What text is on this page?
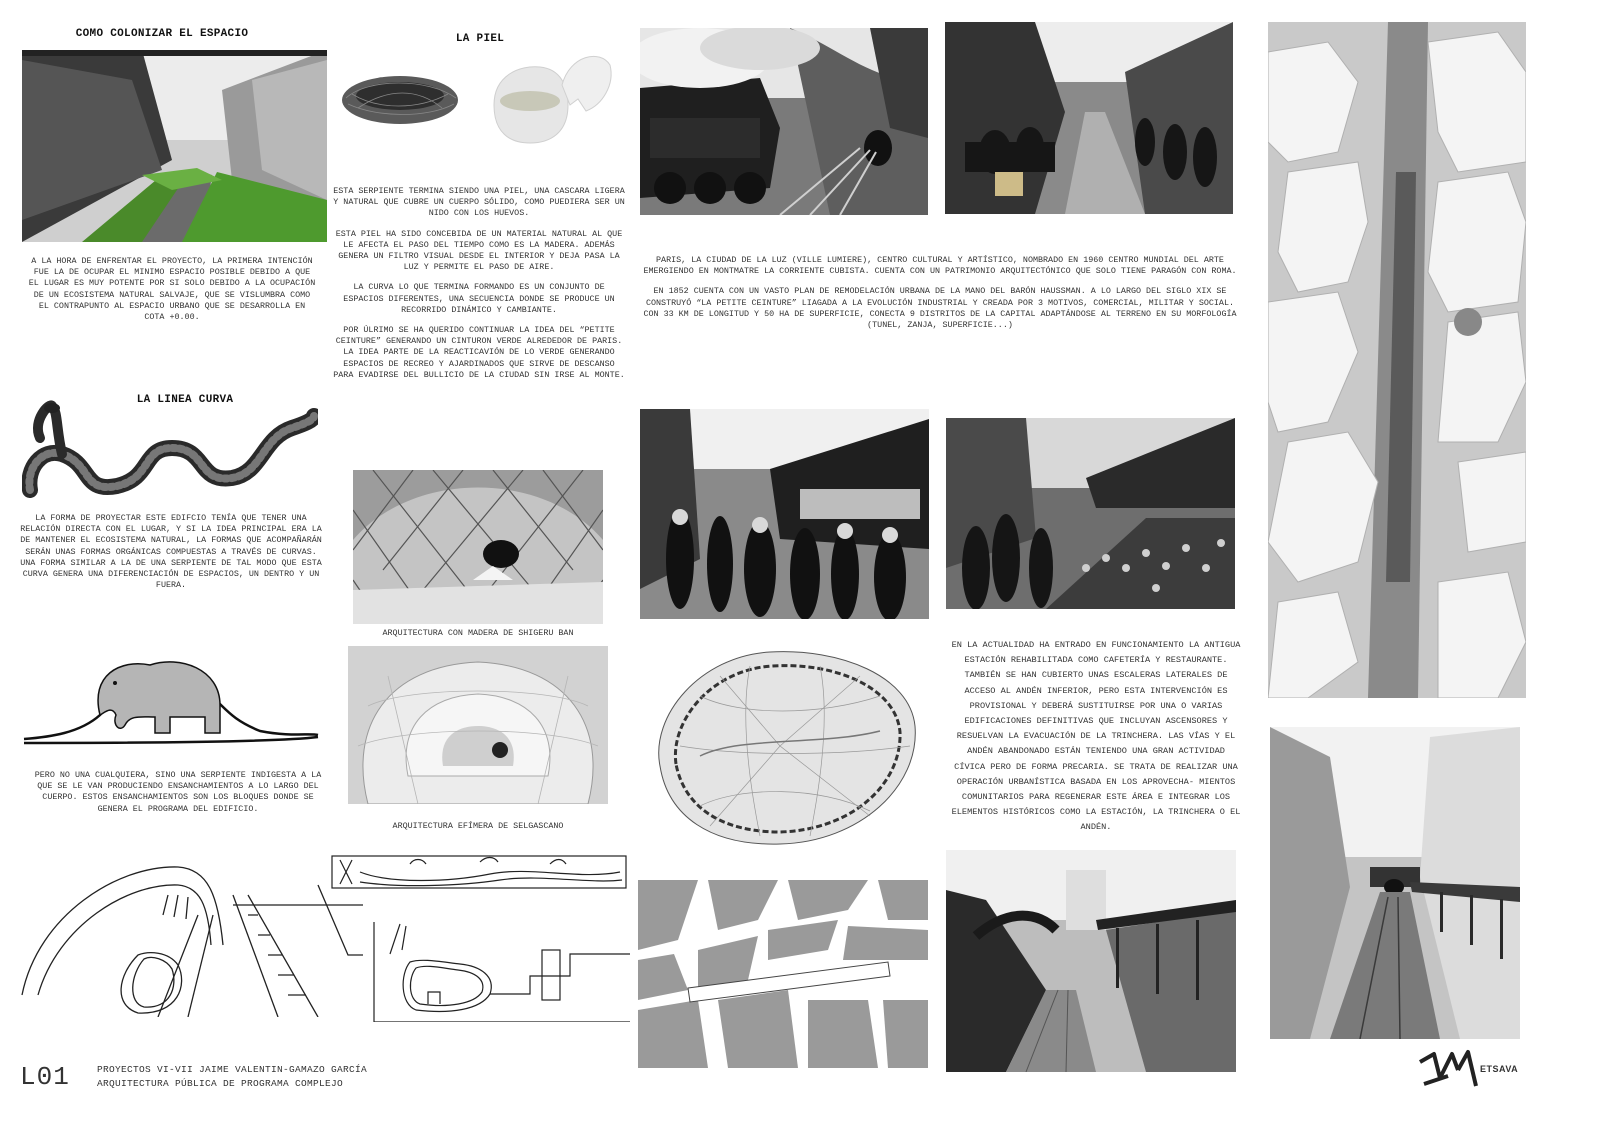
COMO COLONIZAR EL ESPACIO
A LA HORA DE ENFRENTAR EL PROYECTO, LA PRIMERA INTENCIÓN FUE LA DE OCUPAR EL MINIMO ESPACIO POSIBLE DEBIDO A QUE EL LUGAR ES MUY POTENTE POR SI SOLO DEBIDO A LA OCUPACIÓN DE UN ECOSISTEMA NATURAL SALVAJE, QUE SE VISLUMBRA COMO EL CONTRAPUNTO AL ESPACIO URBANO QUE SE DESARROLLA EN COTA +0.00.
LA LINEA CURVA
LA FORMA DE PROYECTAR ESTE EDIFCIO TENÍA QUE TENER UNA RELACIÓN DIRECTA CON EL LUGAR, Y SI LA IDEA PRINCIPAL ERA LA DE MANTENER EL ECOSISTEMA NATURAL, LA FORMAS QUE ACOMPAÑARÁN SERÁN UNAS FORMAS ORGÁNICAS COMPUESTAS A TRAVÉS DE CURVAS. UNA FORMA SIMILAR A LA DE UNA SERPIENTE DE TAL MODO QUE ESTA CURVA GENERA UNA DIFERENCIACIÓN DE ESPACIOS, UN DENTRO Y UN FUERA.
PERO NO UNA CUALQUIERA, SINO UNA SERPIENTE INDIGESTA A LA QUE SE LE VAN PRODUCIENDO ENSANCHAMIENTOS A LO LARGO DEL CUERPO. ESTOS ENSANCHAMIENTOS SON LOS BLOQUES DONDE SE GENERA EL PROGRAMA DEL EDIFICIO.
L01	PROYECTOS VI-VII JAIME VALENTIN-GAMAZO GARCÍA
ARQUITECTURA PÚBLICA DE PROGRAMA COMPLEJO
LA PIEL

ESTA SERPIENTE TERMINA SIENDO UNA PIEL, UNA CASCARA LIGERA Y NATURAL QUE CUBRE UN CUERPO SÓLIDO, COMO PUEDIERA SER UN NIDO CON LOS HUEVOS.

ESTA PIEL HA SIDO CONCEBIDA DE UN MATERIAL NATURAL AL QUE LE AFECTA EL PASO DEL TIEMPO COMO ES LA MADERA. ADEMÁS GENERA UN FILTRO VISUAL DESDE EL INTERIOR Y DEJA PASA LA LUZ Y PERMITE EL PASO DE AIRE.

LA CURVA LO QUE TERMINA FORMANDO ES UN CONJUNTO DE ESPACIOS DIFERENTES, UNA SECUENCIA DONDE SE PRODUCE UN RECORRIDO DINÁMICO Y CAMBIANTE.

POR ÚLRIMO SE HA QUERIDO CONTINUAR LA IDEA DEL “PETITE CEINTURE” GENERANDO UN CINTURON VERDE ALREDEDOR DE PARIS. LA IDEA PARTE DE LA REACTICAVIÓN DE LO VERDE GENERANDO ESPACIOS DE RECREO Y AJARDINADOS QUE SIRVE DE DESCANSO PARA EVADIRSE DEL BULLICIO DE LA CIUDAD SIN IRSE AL MONTE.

ARQUITECTURA CON MADERA DE SHIGERU BAN
ARQUITECTURA EFÍMERA DE SELGASCANO

PARIS, LA CIUDAD DE LA LUZ (VILLE LUMIERE), CENTRO CULTURAL Y ARTÍSTICO, NOMBRADO EN 1960 CENTRO MUNDIAL DEL ARTE EMERGIENDO EN MONTMATRE LA CORRIENTE CUBISTA. CUENTA CON UN PATRIMONIO ARQUITECTÓNICO QUE SOLO TIENE PARAGÓN CON ROMA.

EN 1852 CUENTA CON UN VASTO PLAN DE REMODELACIÓN URBANA DE LA MANO DEL BARÓN HAUSSMAN. A LO LARGO DEL SIGLO XIX SE CONSTRUYÓ “LA PETITE CEINTURE” LIAGADA A LA EVOLUCIÓN INDUSTRIAL Y CREADA POR 3 MOTIVOS, COMERCIAL, MILITAR Y SOCIAL. CON 33 KM DE LONGITUD Y 50 HA DE SUPERFICIE, CONECTA 9 DISTRITOS DE LA CAPITAL ADAPTÁNDOSE AL TERRENO EN SU MORFOLOGÍA (TUNEL, ZANJA, SUPERFICIE...)

EN LA ACTUALIDAD HA ENTRADO EN FUNCIONAMIENTO LA ANTIGUA ESTACIÓN REHABILITADA COMO CAFETERÍA Y RESTAURANTE. TAMBIÉN SE HAN CUBIERTO UNAS ESCALERAS LATERALES DE ACCESO AL ANDÉN INFERIOR, PERO ESTA INTERVENCIÓN ES PROVISIONAL Y DEBERÁ SUSTITUIRSE POR UNA O VARIAS EDIFICACIONES DEFINITIVAS QUE INCLUYAN ASCENSORES Y RESUELVAN LA EVACUACIÓN DE LA TRINCHERA. LAS VÍAS Y EL ANDÉN ABANDONADO ESTÁN TENIENDO UNA GRAN ACTIVIDAD CÍVICA PERO DE FORMA PRECARIA. SE TRATA DE REALIZAR UNA OPERACIÓN URBANÍSTICA BASADA EN LOS APROVECHA- MIENTOS COMUNITARIOS PARA REGENERAR ESTE ÁREA E INTEGRAR LOS ELEMENTOS HISTÓRICOS COMO LA ESTACIÓN, LA TRINCHERA O EL ANDÉN.
ETSAVA
